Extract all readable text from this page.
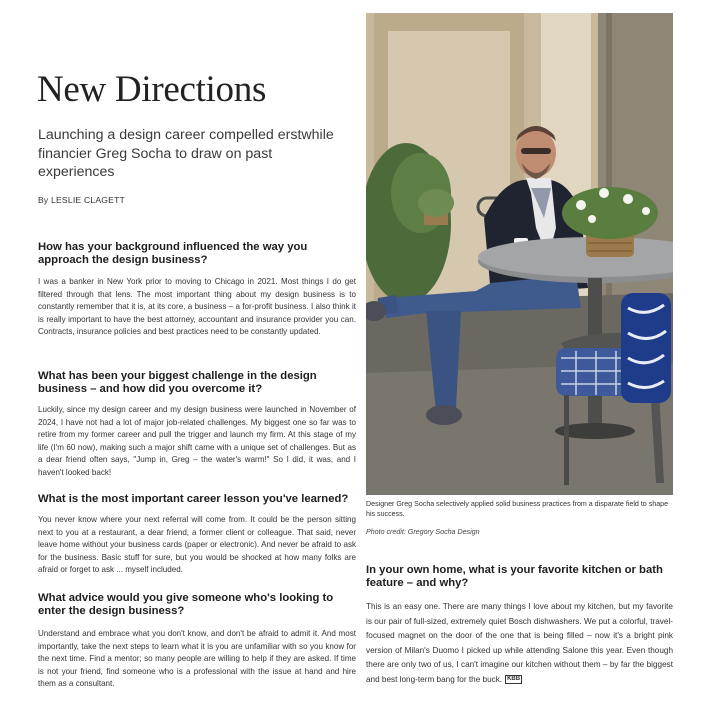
New Directions

Launching a design career compelled erstwhile financier Greg Socha to draw on past experiences

By LESLIE CLAGETT

How has your background influenced the way you approach the design business?

I was a banker in New York prior to moving to Chicago in 2021. Most things I do get filtered through that lens. The most important thing about my design business is to constantly remember that it is, at its core, a business – a for-profit business. I also think it is really important to have the best attorney, accountant and insurance provider you can. Contracts, insurance policies and best practices need to be constantly updated.

What has been your biggest challenge in the design business – and how did you overcome it?

Luckily, since my design career and my design business were launched in November of 2024, I have not had a lot of major job-related challenges. My biggest one so far was to retire from my former career and pull the trigger and launch my firm. At this stage of my life (I'm 60 now), making such a major shift came with a unique set of challenges. But as a dear friend often says, "Jump in, Greg – the water's warm!" So I did, it was, and I haven't looked back!

What is the most important career lesson you've learned?

You never know where your next referral will come from. It could be the person sitting next to you at a restaurant, a dear friend, a former client or colleague. That said, never leave home without your business cards (paper or electronic). And never be afraid to ask for the business. Basic stuff for sure, but you would be shocked at how many folks are afraid or forget to ask ... myself included.

What advice would you give someone who's looking to enter the design business?

Understand and embrace what you don't know, and don't be afraid to admit it. And most importantly, take the next steps to learn what it is you are unfamiliar with so you know for the next time. Find a mentor; so many people are willing to help if they are asked. If time is not your friend, find someone who is a professional with the issue at hand and hire them as a consultant.

Designer Greg Socha selectively applied solid business practices from a disparate field to shape his success.

Photo credit: Gregory Socha Design

In your own home, what is your favorite kitchen or bath feature – and why?

This is an easy one. There are many things I love about my kitchen, but my favorite is our pair of full-sized, extremely quiet Bosch dishwashers. We put a colorful, travel-focused magnet on the door of the one that is being filled – now it's a bright pink version of Milan's Duomo I picked up while attending Salone this year. Even though there are only two of us, I can't imagine our kitchen without them – by far the biggest and best long-term bang for the buck. KBB
